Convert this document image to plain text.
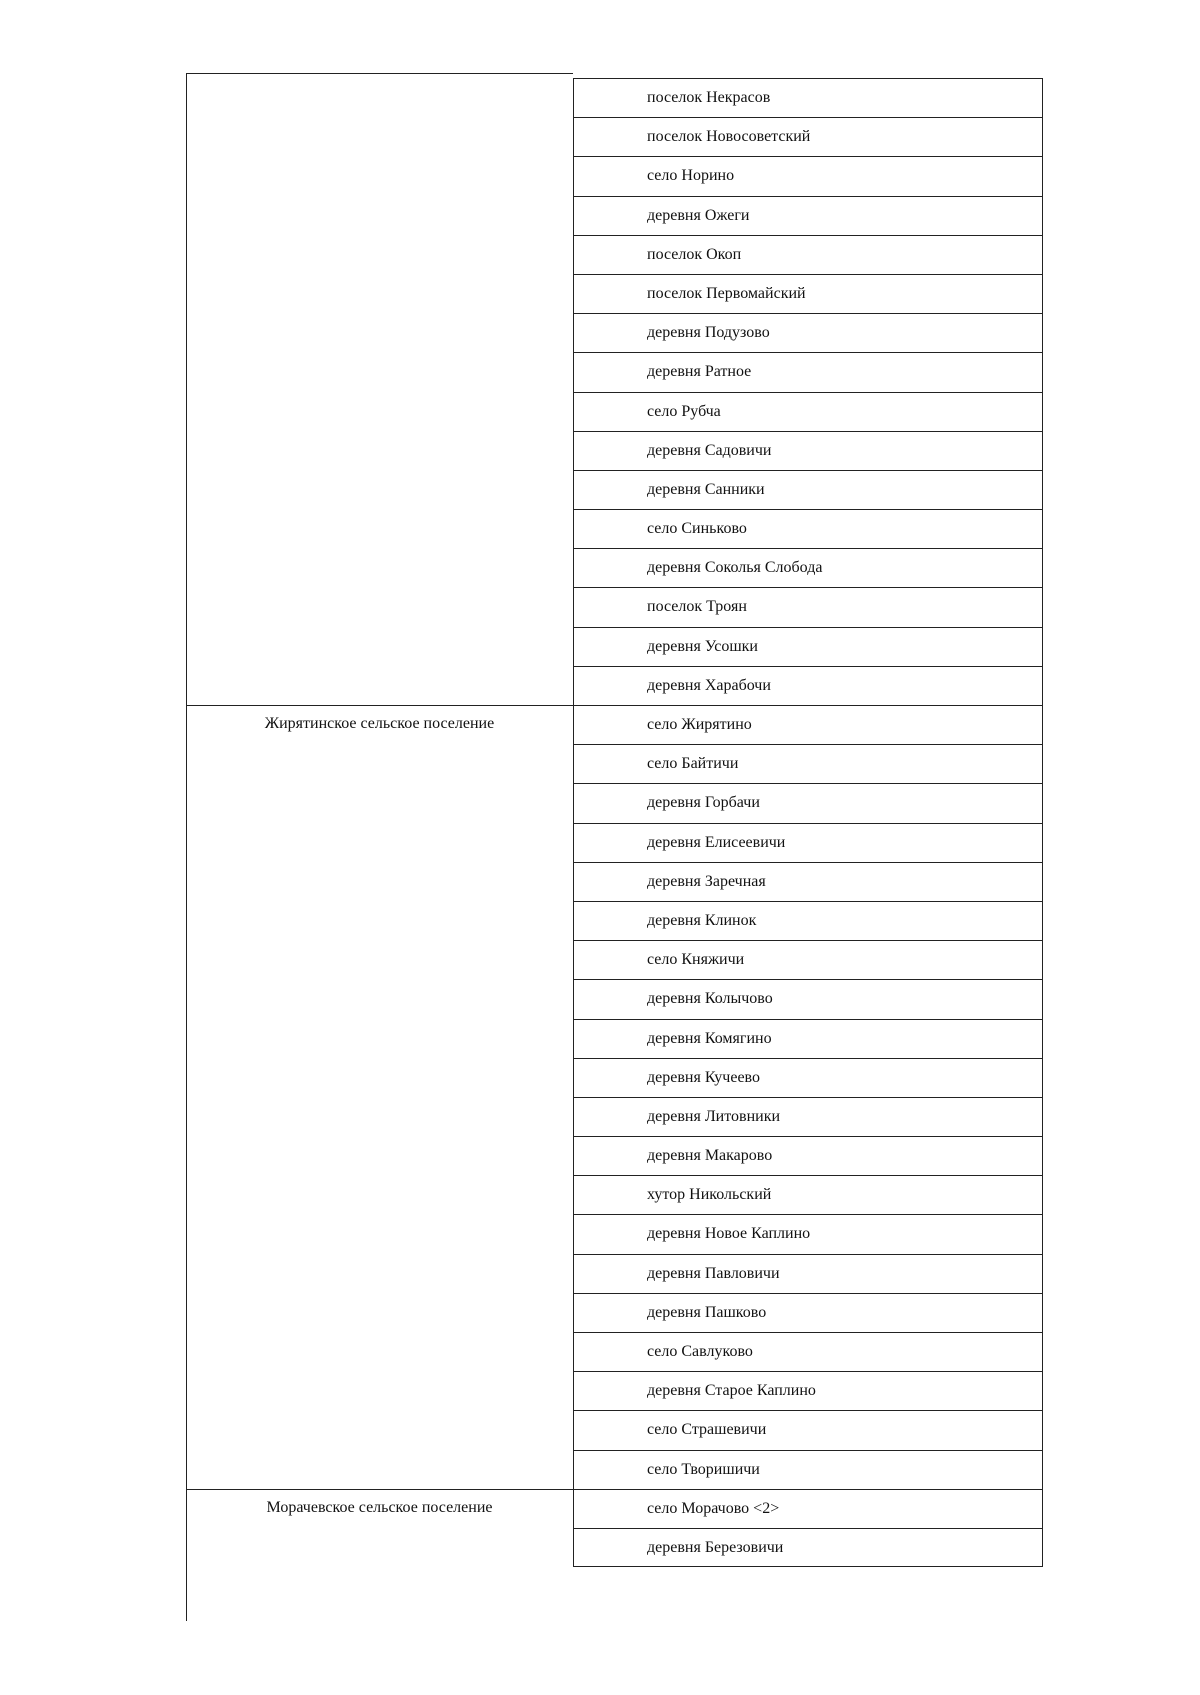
Жирятинское сельское поселение
Морачевское сельское поселение
поселок Некрасов
поселок Новосоветский
село Норино
деревня Ожеги
поселок Окоп
поселок Первомайский
деревня Подузово
деревня Ратное
село Рубча
деревня Садовичи
деревня Санники
село Синьково
деревня Соколья Слобода
поселок Троян
деревня Усошки
деревня Харабочи
село Жирятино
село Байтичи
деревня Горбачи
деревня Елисеевичи
деревня Заречная
деревня Клинок
село Княжичи
деревня Колычово
деревня Комягино
деревня Кучеево
деревня Литовники
деревня Макарово
хутор Никольский
деревня Новое Каплино
деревня Павловичи
деревня Пашково
село Савлуково
деревня Старое Каплино
село Страшевичи
село Творишичи
село Морачово <2>
деревня Березовичи
